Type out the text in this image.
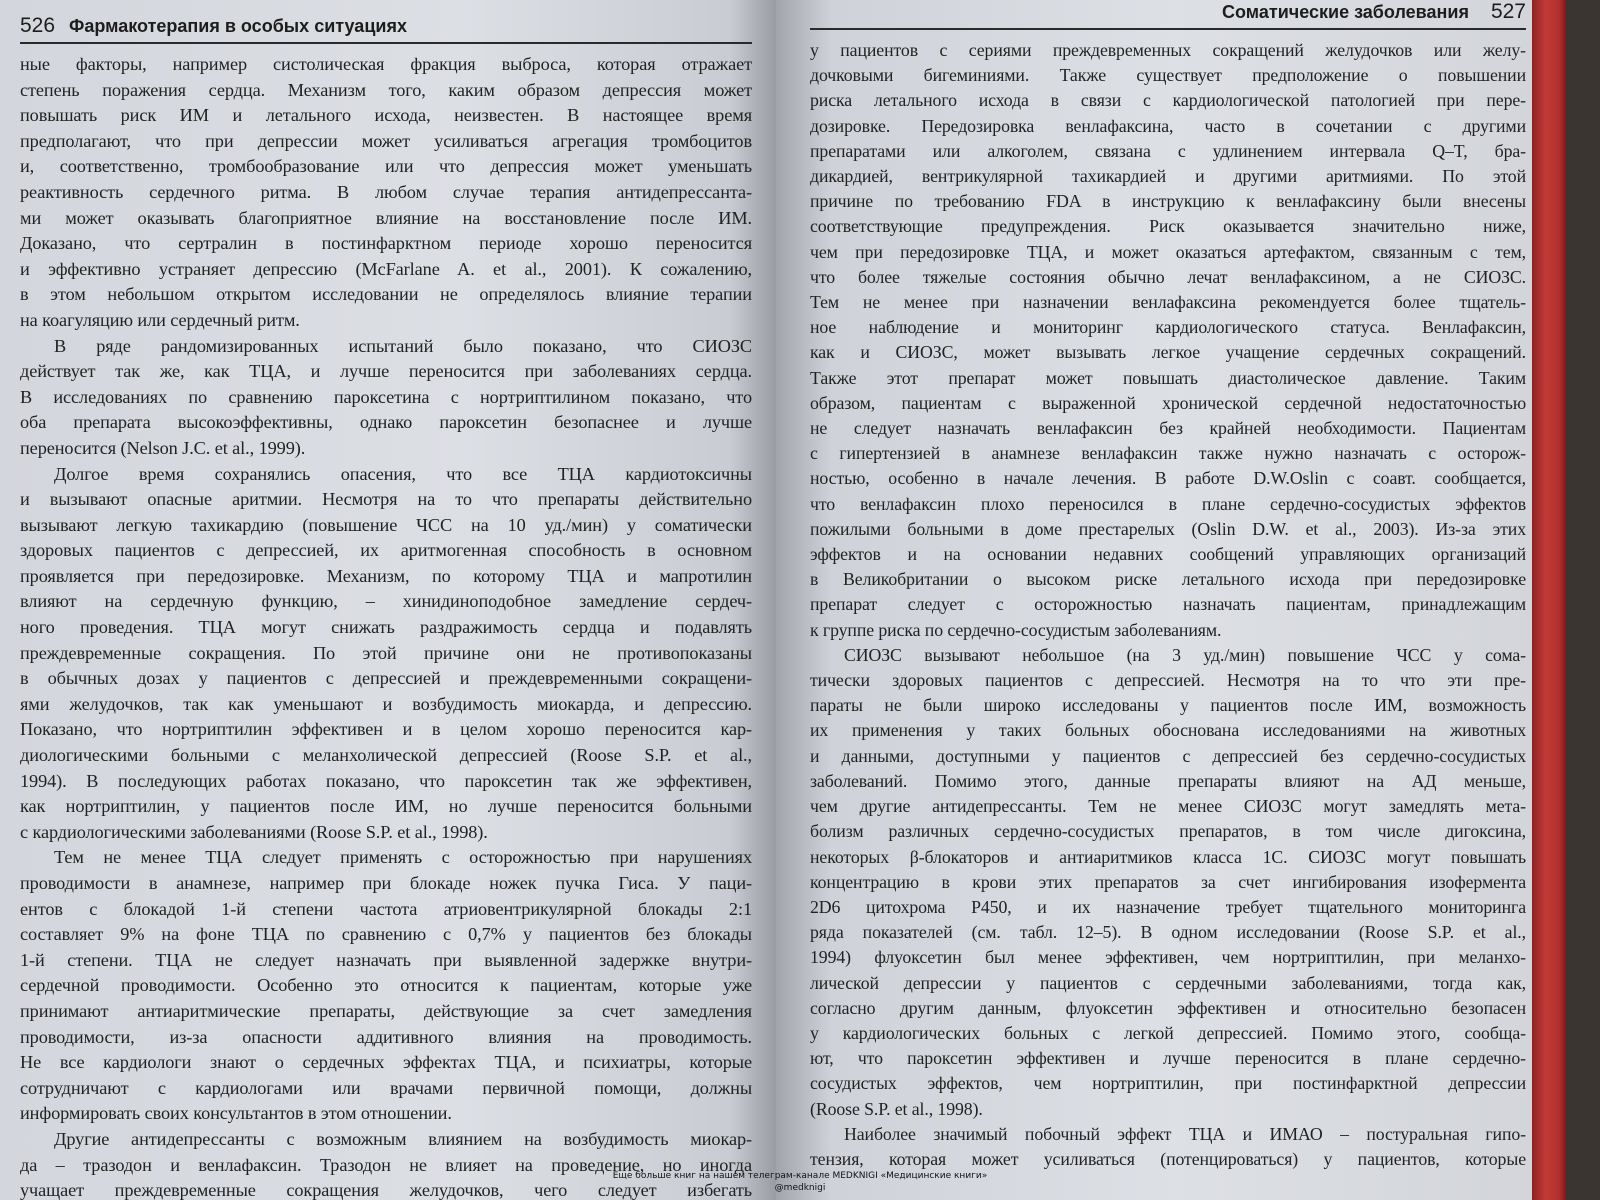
526 Фармакотерапия в особых ситуациях
ные факторы, например систолическая фракция выброса, которая отражает
степень поражения сердца. Механизм того, каким образом депрессия может
повышать риск ИМ и летального исхода, неизвестен. В настоящее время
предполагают, что при депрессии может усиливаться агрегация тромбоцитов
и, соответственно, тромбообразование или что депрессия может уменьшать
реактивность сердечного ритма. В любом случае терапия антидепрессанта-
ми может оказывать благоприятное влияние на восстановление после ИМ.
Доказано, что сертралин в постинфарктном периоде хорошо переносится
и эффективно устраняет депрессию (McFarlane A. et al., 2001). К сожалению,
в этом небольшом открытом исследовании не определялось влияние терапии
на коагуляцию или сердечный ритм.
В ряде рандомизированных испытаний было показано, что СИОЗС
действует так же, как ТЦА, и лучше переносится при заболеваниях сердца.
В исследованиях по сравнению пароксетина с нортриптилином показано, что
оба препарата высокоэффективны, однако пароксетин безопаснее и лучше
переносится (Nelson J.C. et al., 1999).
Долгое время сохранялись опасения, что все ТЦА кардиотоксичны
и вызывают опасные аритмии. Несмотря на то что препараты действительно
вызывают легкую тахикардию (повышение ЧСС на 10 уд./мин) у соматически
здоровых пациентов с депрессией, их аритмогенная способность в основном
проявляется при передозировке. Механизм, по которому ТЦА и мапротилин
влияют на сердечную функцию, – хинидиноподобное замедление сердеч-
ного проведения. ТЦА могут снижать раздражимость сердца и подавлять
преждевременные сокращения. По этой причине они не противопоказаны
в обычных дозах у пациентов с депрессией и преждевременными сокращени-
ями желудочков, так как уменьшают и возбудимость миокарда, и депрессию.
Показано, что нортриптилин эффективен и в целом хорошо переносится кар-
диологическими больными с меланхолической депрессией (Roose S.P. et al.,
1994). В последующих работах показано, что пароксетин так же эффективен,
как нортриптилин, у пациентов после ИМ, но лучше переносится больными
с кардиологическими заболеваниями (Roose S.P. et al., 1998).
Тем не менее ТЦА следует применять с осторожностью при нарушениях
проводимости в анамнезе, например при блокаде ножек пучка Гиса. У паци-
ентов с блокадой 1-й степени частота атриовентрикулярной блокады 2:1
составляет 9% на фоне ТЦА по сравнению с 0,7% у пациентов без блокады
1-й степени. ТЦА не следует назначать при выявленной задержке внутри-
сердечной проводимости. Особенно это относится к пациентам, которые уже
принимают антиаритмические препараты, действующие за счет замедления
проводимости, из-за опасности аддитивного влияния на проводимость.
Не все кардиологи знают о сердечных эффектах ТЦА, и психиатры, которые
сотрудничают с кардиологами или врачами первичной помощи, должны
информировать своих консультантов в этом отношении.
Другие антидепрессанты с возможным влиянием на возбудимость миокар-
да – тразодон и венлафаксин. Тразодон не влияет на проведение, но иногда
учащает преждевременные сокращения желудочков, чего следует избегать
Соматические заболевания 527
у пациентов с сериями преждевременных сокращений желудочков или желу-
дочковыми бигеминиями. Также существует предположение о повышении
риска летального исхода в связи с кардиологической патологией при пере-
дозировке. Передозировка венлафаксина, часто в сочетании с другими
препаратами или алкоголем, связана с удлинением интервала Q–T, бра-
дикардией, вентрикулярной тахикардией и другими аритмиями. По этой
причине по требованию FDA в инструкцию к венлафаксину были внесены
соответствующие предупреждения. Риск оказывается значительно ниже,
чем при передозировке ТЦА, и может оказаться артефактом, связанным с тем,
что более тяжелые состояния обычно лечат венлафаксином, а не СИОЗС.
Тем не менее при назначении венлафаксина рекомендуется более тщатель-
ное наблюдение и мониторинг кардиологического статуса. Венлафаксин,
как и СИОЗС, может вызывать легкое учащение сердечных сокращений.
Также этот препарат может повышать диастолическое давление. Таким
образом, пациентам с выраженной хронической сердечной недостаточностью
не следует назначать венлафаксин без крайней необходимости. Пациентам
с гипертензией в анамнезе венлафаксин также нужно назначать с осторож-
ностью, особенно в начале лечения. В работе D.W.Oslin с соавт. сообщается,
что венлафаксин плохо переносился в плане сердечно-сосудистых эффектов
пожилыми больными в доме престарелых (Oslin D.W. et al., 2003). Из-за этих
эффектов и на основании недавних сообщений управляющих организаций
в Великобритании о высоком риске летального исхода при передозировке
препарат следует с осторожностью назначать пациентам, принадлежащим
к группе риска по сердечно-сосудистым заболеваниям.
СИОЗС вызывают небольшое (на 3 уд./мин) повышение ЧСС у сома-
тически здоровых пациентов с депрессией. Несмотря на то что эти пре-
параты не были широко исследованы у пациентов после ИМ, возможность
их применения у таких больных обоснована исследованиями на животных
и данными, доступными у пациентов с депрессией без сердечно-сосудистых
заболеваний. Помимо этого, данные препараты влияют на АД меньше,
чем другие антидепрессанты. Тем не менее СИОЗС могут замедлять мета-
болизм различных сердечно-сосудистых препаратов, в том числе дигоксина,
некоторых β-блокаторов и антиаритмиков класса 1С. СИОЗС могут повышать
концентрацию в крови этих препаратов за счет ингибирования изофермента
2D6 цитохрома P450, и их назначение требует тщательного мониторинга
ряда показателей (см. табл. 12–5). В одном исследовании (Roose S.P. et al.,
1994) флуоксетин был менее эффективен, чем нортриптилин, при меланхо-
лической депрессии у пациентов с сердечными заболеваниями, тогда как,
согласно другим данным, флуоксетин эффективен и относительно безопасен
у кардиологических больных с легкой депрессией. Помимо этого, сообща-
ют, что пароксетин эффективен и лучше переносится в плане сердечно-
сосудистых эффектов, чем нортриптилин, при постинфарктной депрессии
(Roose S.P. et al., 1998).
Наиболее значимый побочный эффект ТЦА и ИМАО – постуральная гипо-
тензия, которая может усиливаться (потенцироваться) у пациентов, которые
Еще больше книг на нашем телеграм-канале MEDKNIGI «Медицинские книги»
@medknigi
